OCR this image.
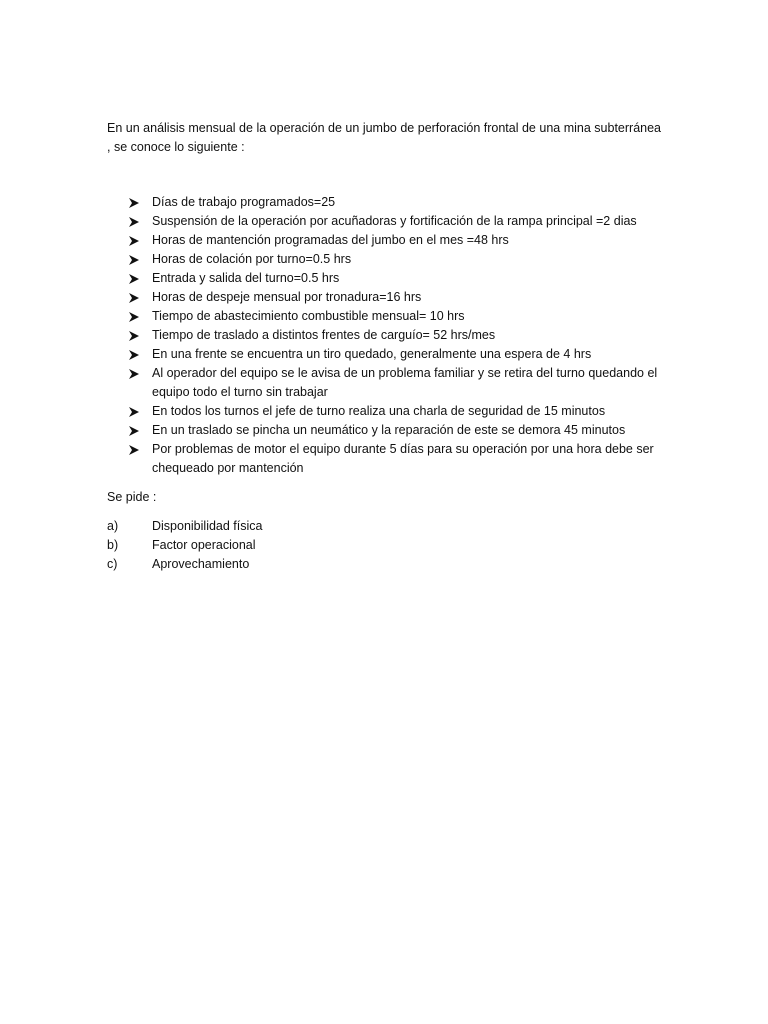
En un análisis mensual de la operación de un jumbo de perforación frontal de una mina subterránea , se conoce lo siguiente :

Días de trabajo programados=25
Suspensión de la operación por acuñadoras y fortificación de la rampa principal =2 dias
Horas de mantención programadas del jumbo en el mes =48 hrs
Horas de colación por turno=0.5 hrs
Entrada y salida del turno=0.5 hrs
Horas de despeje mensual por tronadura=16 hrs
Tiempo de abastecimiento combustible mensual= 10 hrs
Tiempo de traslado a distintos frentes de carguío= 52 hrs/mes
En una frente se encuentra un tiro quedado, generalmente una espera de 4 hrs
Al operador del equipo se le avisa de un problema familiar y se retira del turno quedando el equipo todo el turno sin trabajar
En todos los turnos el jefe de turno realiza una charla de seguridad de 15 minutos
En un traslado se pincha un neumático y la reparación de este se demora 45 minutos
Por problemas de motor el equipo durante 5 días para su operación por una hora debe ser chequeado por mantención

Se pide :

a)	Disponibilidad física
b)	Factor operacional
c)	Aprovechamiento
